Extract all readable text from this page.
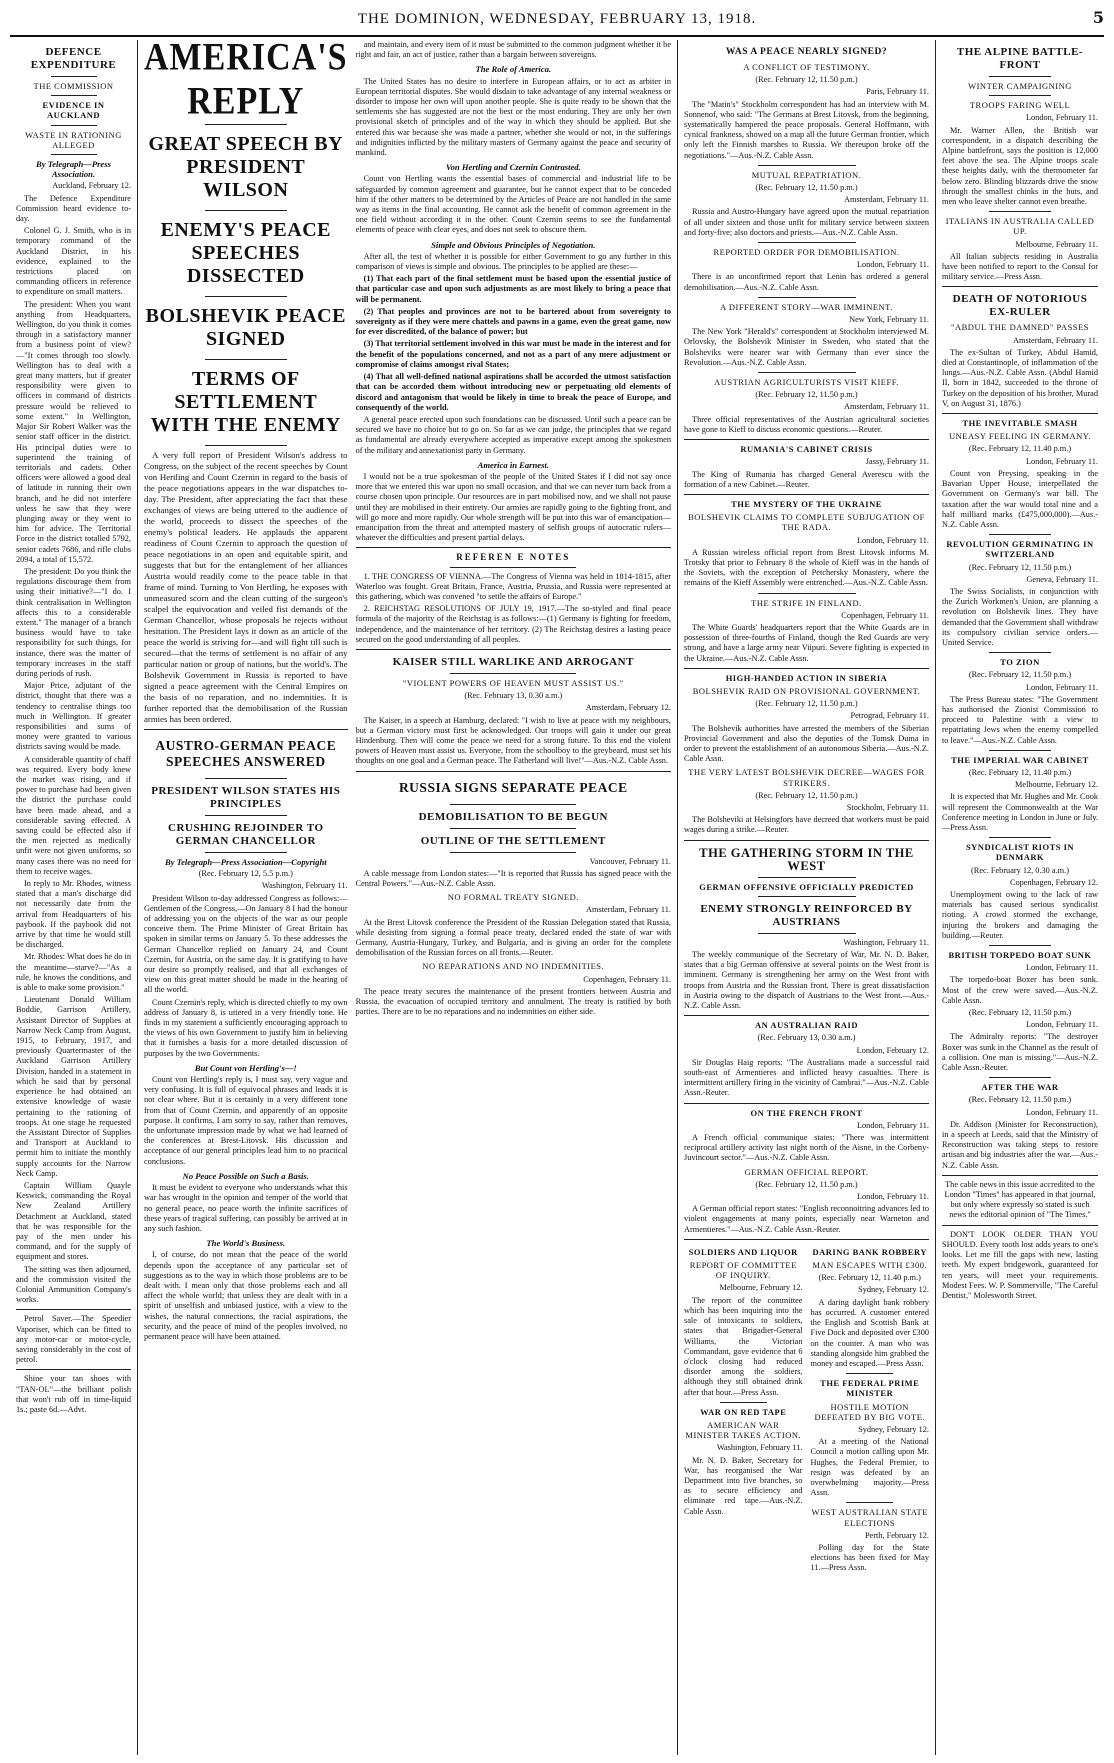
THE DOMINION, WEDNESDAY, FEBRUARY 13, 1918.	5
DEFENCE EXPENDITURE
THE COMMISSION
EVIDENCE IN AUCKLAND
WASTE IN RATIONING ALLEGED
By Telegraph—Press Association.
Auckland, February 12.

The Defence Expenditure Commission heard evidence to-day.

Colonel G. J. Smith, who is in temporary command of the Auckland District, in his evidence, explained to the restrictions placed on commanding officers in reference to expenditure on small matters.

The president: When you want anything from Headquarters, Wellington, do you think it comes through in a satisfactory manner from a business point of view?—"It comes through too slowly. Wellington has to deal with a great many matters, but if greater responsibility were given to officers in command of districts pressure would be relieved to some extent." In Wellington, Major Sir Robert Walker was the senior staff officer in the district. His principal duties were to superintend the training of territorials and cadets. Other officers were allowed a good deal of latitude in running their own branch, and he did not interfere unless he saw that they were plunging away or they went to him for advice. The Territorial Force in the district totalled 5792, senior cadets 7686, and rifle clubs 2094, a total of 15,572.

The president: Do you think the regulations discourage them from using their initiative?—"I do. I think centralisation in Wellington affects this to a considerable extent." The manager of a branch business would have to take responsibility for such things, for instance, there was the matter of temporary increases in the staff during periods of rush.

Major Price, adjutant of the district, thought that there was a tendency to centralise things too much in Wellington. If greater responsibilities and sums of money were granted to various districts saving would be made.

A considerable quantity of chaff was required. Every body knew the market was rising, and if power to purchase had been given the district the purchase could have been made ahead, and a considerable saving effected. A saving could be effected also if the men rejected as medically unfit were not given uniforms, so many cases there was no need for them to receive wages.

In reply to Mr. Rhodes, witness stated that a man's discharge did not necessarily date from the arrival from Headquarters of his paybook. If the paybook did not arrive by that time he would still be discharged.

Mr. Rhodes: What does he do in the meantime—starve?—"As a rule, he knows the conditions, and is able to make some provision."

Lieutenant Donald William Boddie, Garrison Artillery, Assistant Director of Supplies at Narrow Neck Camp from August, 1915, to February, 1917, and previously Quartermaster of the Auckland Garrison Artillery Division, handed in a statement in which he said that by personal experience he had obtained an extensive knowledge of waste pertaining to the rationing of troops. At one stage he requested the Assistant Director of Supplies and Transport at Auckland to permit him to initiate the monthly supply accounts for the Narrow Neck Camp.

Captain William Quayle Keswick, commanding the Royal New Zealand Artillery Detachment at Auckland, stated that he was responsible for the pay of the men under his command, and for the supply of equipment and stores.

The sitting was then adjourned, and the commission visited the Colonial Ammunition Company's works.

Petrol Saver.—The Speedier Vaporiser, which can be fitted to any motor-car or motor-cycle, saving considerably in the cost of petrol.

Shine your tan shoes with "TAN-OL"—the brilliant polish that won't rub off in time-liquid 1s.; paste 6d.—Advt.

AMERICA'S REPLY
GREAT SPEECH BY PRESIDENT WILSON
ENEMY'S PEACE SPEECHES DISSECTED
BOLSHEVIK PEACE SIGNED
TERMS OF SETTLEMENT WITH THE ENEMY

A very full report of President Wilson's address to Congress, on the subject of the recent speeches by Count von Hertling and Count Czernin in regard to the basis of the peace negotiations appears in the war dispatches to-day. The President, after appreciating the fact that these exchanges of views are being uttered to the audience of the world, proceeds to dissect the speeches of the enemy's political leaders. He applauds the apparent readiness of Count Czernin to approach the question of peace negotiations in an open and equitable spirit, and suggests that but for the entanglement of her alliances Austria would readily come to the peace table in that frame of mind. Turning to Von Hertling, he exposes with unmeasured scorn and the clean cutting of the surgeon's scalpel the equivocation and veiled fist demands of the German Chancellor, whose proposals he rejects without hesitation. The President lays it down as an article of the peace the world is striving for—and will fight till such is secured—that the terms of settlement is no affair of any particular nation or group of nations, but the world's. The Bolshevik Government in Russia is reported to have signed a peace agreement with the Central Empires on the basis of no reparation, and no indemnities. It is further reported that the demobilisation of the Russian armies has been ordered.

AUSTRO-GERMAN PEACE SPEECHES ANSWERED
PRESIDENT WILSON STATES HIS PRINCIPLES
CRUSHING REJOINDER TO GERMAN CHANCELLOR
By Telegraph—Press Association—Copyright
(Rec. February 12, 5.5 p.m.)
Washington, February 11.

President Wilson to-day addressed Congress as follows:—Gentlemen of the Congress,—On January 8 I had the honour of addressing you on the objects of the war as our people conceive them. The Prime Minister of Great Britain has spoken in similar terms on January 5. To these addresses the German Chancellor replied on January 24, and Count Czernin, for Austria, on the same day. It is gratifying to have our desire so promptly realised, and that all exchanges of view on this great matter should be made in the hearing of all the world.

Count Czernin's reply, which is directed chiefly to my own address of January 8, is uttered in a very friendly tone. He finds in my statement a sufficiently encouraging approach to the views of his own Government to justify him in believing that it furnishes a basis for a more detailed discussion of purposes by the two Governments.

But Count von Hertling's—!

Count von Hertling's reply is, I must say, very vague and very confusing. It is full of equivocal phrases and leads it is not clear where. But it is certainly in a very different tone from that of Count Czernin, and apparently of an opposite purpose. It confirms, I am sorry to say, rather than removes, the unfortunate impression made by what we had learned of the conferences at Brest-Litovsk. His discussion and acceptance of our general principles lead him to no practical conclusions.

No Peace Possible on Such a Basis.

It must be evident to everyone who understands what this war has wrought in the opinion and temper of the world that no general peace, no peace worth the infinite sacrifices of these years of tragical suffering, can possibly be arrived at in any such fashion.

The World's Business.

I, of course, do not mean that the peace of the world depends upon the acceptance of any particular set of suggestions as to the way in which those problems are to be dealt with. I mean only that those problems each and all affect the whole world; that unless they are dealt with in a spirit of unselfish and unbiased justice, with a view to the wishes, the natural connections, the racial aspirations, the security, and the peace of mind of the peoples involved, no permanent peace will have been attained.

and maintain, and every item of it must be submitted to the common judgment whether it be right and fair, an act of justice, rather than a bargain between sovereigns.

The Role of America.

The United States has no desire to interfere in European affairs, or to act as arbiter in European territorial disputes. She would disdain to take advantage of any internal weakness or disorder to impose her own will upon another people. She is quite ready to be shown that the settlements she has suggested are not the best or the most enduring. They are only her own provisional sketch of principles and of the way in which they should be applied. But she entered this war because she was made a partner, whether she would or not, in the sufferings and indignities inflicted by the military masters of Germany against the peace and security of mankind.

Von Hertling and Czernin Contrasted.

Count von Hertling wants the essential bases of commercial and industrial life to be safeguarded by common agreement and guarantee, but he cannot expect that to be conceded him if the other matters to be determined by the Articles of Peace are not handled in the same way as items in the final accounting. He cannot ask the benefit of common agreement in the one field without according it in the other. Count Czernin seems to see the fundamental elements of peace with clear eyes, and does not seek to obscure them.

Simple and Obvious Principles of Negotiation.

After all, the test of whether it is possible for either Government to go any further in this comparison of views is simple and obvious. The principles to be applied are these:—

(1) That each part of the final settlement must be based upon the essential justice of that particular case and upon such adjustments as are most likely to bring a peace that will be permanent.

(2) That peoples and provinces are not to be bartered about from sovereignty to sovereignty as if they were mere chattels and pawns in a game, even the great game, now for ever discredited, of the balance of power; but

(3) That territorial settlement involved in this war must be made in the interest and for the benefit of the populations concerned, and not as a part of any mere adjustment or compromise of claims amongst rival States;

(4) That all well-defined national aspirations shall be accorded the utmost satisfaction that can be accorded them without introducing new or perpetuating old elements of discord and antagonism that would be likely in time to break the peace of Europe, and consequently of the world.

A general peace erected upon such foundations can be discussed. Until such a peace can be secured we have no choice but to go on. So far as we can judge, the principles that we regard as fundamental are already everywhere accepted as imperative except among the spokesmen of the military and annexationist party in Germany.

America in Earnest.

I would not be a true spokesman of the people of the United States if I did not say once more that we entered this war upon no small occasion, and that we can never turn back from a course chosen upon principle. Our resources are in part mobilised now, and we shall not pause until they are mobilised in their entirety. Our armies are rapidly going to the fighting front, and will go more and more rapidly. Our whole strength will be put into this war of emancipation—emancipation from the threat and attempted mastery of selfish groups of autocratic rulers—whatever the difficulties and present partial delays.

REFEREN E NOTES

1. THE CONGRESS OF VIENNA.—The Congress of Vienna was held in 1814-1815, after Waterloo was fought. Great Britain, France, Austria, Prussia, and Russia were represented at this gathering, which was convened "to settle the affairs of Europe."

2. REICHSTAG RESOLUTIONS OF JULY 19, 1917.—The so-styled and final peace formula of the majority of the Reichstag is as follows:—(1) Germany is fighting for freedom, independence, and the maintenance of her territory. (2) The Reichstag desires a lasting peace secured on the good understanding of all peoples.

KAISER STILL WARLIKE AND ARROGANT
"VIOLENT POWERS OF HEAVEN MUST ASSIST US."
(Rec. February 13, 0.30 a.m.)
Amsterdam, February 12.

The Kaiser, in a speech at Hamburg, declared: "I wish to live at peace with my neighbours, but a German victory must first be acknowledged. Our troops will gain it under our great Hindenburg. Then will come the peace we need for a strong future. To this end the violent powers of Heaven must assist us. Everyone, from the schoolboy to the greybeard, must set his thoughts on one goal and a German peace. The Fatherland will live!"—Aus.-N.Z. Cable Assn.

RUSSIA SIGNS SEPARATE PEACE
DEMOBILISATION TO BE BEGUN
OUTLINE OF THE SETTLEMENT
Vancouver, February 11.

A cable message from London states:—"It is reported that Russia has signed peace with the Central Powers."—Aus.-N.Z. Cable Assn.

NO FORMAL TREATY SIGNED.
Amsterdam, February 11.

At the Brest Litovsk conference the President of the Russian Delegation stated that Russia, while desisting from signing a formal peace treaty, declared ended the state of war with Germany, Austria-Hungary, Turkey, and Bulgaria, and is giving an order for the complete demobilisation of the Russian forces on all fronts.—Reuter.

NO REPARATIONS AND NO INDEMNITIES.
Copenhagen, February 11.

The peace treaty secures the maintenance of the present frontiers between Austria and Russia, the evacuation of occupied territory and annulment. The treaty is ratified by both parties. There are to be no reparations and no indemnities on either side.

WAS A PEACE NEARLY SIGNED?
A CONFLICT OF TESTIMONY.
(Rec. February 12, 11.50 p.m.)
Paris, February 11.

The "Matin's" Stockholm correspondent has had an interview with M. Sonnenof, who said: "The Germans at Brest Litovsk, from the beginning, systematically hampered the peace proposals. General Hoffmann, with cynical frankness, showed on a map all the future German frontier, which only left the Finnish marshes to Russia. We thereupon broke off the negotiations."—Aus.-N.Z. Cable Assn.

MUTUAL REPATRIATION.
(Rec. February 12, 11.50 p.m.)
Amsterdam, February 11.

Russia and Austro-Hungary have agreed upon the mutual repatriation of all under sixteen and those unfit for military service between sixteen and forty-five; also doctors and priests.—Aus.-N.Z. Cable Assn.

REPORTED ORDER FOR DEMOBILISATION.
London, February 11.

There is an unconfirmed report that Lenin has ordered a general demobilisation.—Aus.-N.Z. Cable Assn.

A DIFFERENT STORY—WAR IMMINENT.
New York, February 11.

The New York "Herald's" correspondent at Stockholm interviewed M. Orlovsky, the Bolshevik Minister in Sweden, who stated that the Bolsheviks were nearer war with Germany than ever since the Revolution.—Aus.-N.Z. Cable Assn.

AUSTRIAN AGRICULTURISTS VISIT KIEFF.
(Rec. February 12, 11.50 p.m.)
Amsterdam, February 11.

Three official representatives of the Austrian agricultural societies have gone to Kieff to discuss economic questions.—Reuter.

RUMANIA'S CABINET CRISIS
Jassy, February 11.

The King of Rumania has charged General Averescu with the formation of a new Cabinet.—Reuter.

THE MYSTERY OF THE UKRAINE
BOLSHEVIK CLAIMS TO COMPLETE SUBJUGATION OF THE RADA.
London, February 11.

A Russian wireless official report from Brest Litovsk informs M. Trotsky that prior to February 8 the whole of Kieff was in the hands of the Soviets, with the exception of Petchersky Monastery, where the remains of the Kieff Assembly were entrenched.—Aus.-N.Z. Cable Assn.

THE STRIFE IN FINLAND.
Copenhagen, February 11.

The White Guards' headquarters report that the White Guards are in possession of three-fourths of Finland, though the Red Guards are very strong, and have a large army near Viipuri. Severe fighting is expected in the Ukraine.—Aus.-N.Z. Cable Assn.

HIGH-HANDED ACTION IN SIBERIA
BOLSHEVIK RAID ON PROVISIONAL GOVERNMENT.
(Rec. February 12, 11.50 p.m.)
Petrograd, February 11.

The Bolshevik authorities have arrested the members of the Siberian Provincial Government and also the deputies of the Tomsk Duma in order to prevent the establishment of an autonomous Siberia.—Aus.-N.Z. Cable Assn.

THE VERY LATEST BOLSHEVIK DECREE—WAGES FOR STRIKERS.
(Rec. February 12, 11.50 p.m.)
Stockholm, February 11.

The Bolsheviki at Helsingfors have decreed that workers must be paid wages during a strike.—Reuter.

THE GATHERING STORM IN THE WEST
GERMAN OFFENSIVE OFFICIALLY PREDICTED
ENEMY STRONGLY REINFORCED BY AUSTRIANS
Washington, February 11.

The weekly communique of the Secretary of War, Mr. N. D. Baker, states that a big German offensive at several points on the West front is imminent. Germany is strengthening her army on the West front with troops from Austria and the Russian front. There is great dissatisfaction in Austria owing to the dispatch of Austrians to the West front.—Aus.-N.Z. Cable Assn.

AN AUSTRALIAN RAID
(Rec. February 13, 0.30 a.m.)
London, February 12.

Sir Douglas Haig reports: "The Australians made a successful raid south-east of Armentieres and inflicted heavy casualties. There is intermittent artillery firing in the vicinity of Cambrai."—Aus.-N.Z. Cable Assn.-Reuter.

ON THE FRENCH FRONT
London, February 11.

A French official communique states: "There was intermittent reciprocal artillery activity last night north of the Aisne, in the Corbeny-Juvincourt sector."—Aus.-N.Z. Cable Assn.

GERMAN OFFICIAL REPORT.
(Rec. February 12, 11.50 p.m.)
London, February 11.

A German official report states: "English reconnoitring advances led to violent engagements at many points, especially near Warneton and Armentieres."—Aus.-N.Z. Cable Assn.-Reuter.

SOLDIERS AND LIQUOR
REPORT OF COMMITTEE OF INQUIRY.
Melbourne, February 12.

The report of the committee which has been inquiring into the sale of intoxicants to soldiers, states that Brigadier-General Williams, the Victorian Commandant, gave evidence that 6 o'clock closing had reduced disorder among the soldiers, although they still obtained drink after that hour.—Press Assn.

WAR ON RED TAPE
AMERICAN WAR MINISTER TAKES ACTION.
Washington, February 11.

Mr. N. D. Baker, Secretary for War, has reorganised the War Department into five branches, so as to secure efficiency and eliminate red tape.—Aus.-N.Z. Cable Assn.

DARING BANK ROBBERY
MAN ESCAPES WITH £300.
(Rec. February 12, 11.40 p.m.)
Sydney, February 12.

A daring daylight bank robbery has occurred. A customer entered the English and Scottish Bank at Five Dock and deposited over £300 on the counter. A man who was standing alongside him grabbed the money and escaped.—Press Assn.

THE FEDERAL PRIME MINISTER
HOSTILE MOTION DEFEATED BY BIG VOTE.
Sydney, February 12.

At a meeting of the National Council a motion calling upon Mr. Hughes, the Federal Premier, to resign was defeated by an overwhelming majority.—Press Assn.

WEST AUSTRALIAN STATE ELECTIONS
Perth, February 12.

Polling day for the State elections has been fixed for May 11.—Press Assn.

THE ALPINE BATTLE-FRONT
WINTER CAMPAIGNING
TROOPS FARING WELL
London, February 11.

Mr. Warner Allen, the British war correspondent, in a dispatch describing the Alpine battlefront, says the position is 12,000 feet above the sea. The Alpine troops scale these heights daily, with the thermometer far below zero. Blinding blizzards drive the snow through the smallest chinks in the huts, and men who leave shelter cannot even breathe.

ITALIANS IN AUSTRALIA CALLED UP.
Melbourne, February 11.

All Italian subjects residing in Australia have been notified to report to the Consul for military service.—Press Assn.

DEATH OF NOTORIOUS EX-RULER
"ABDUL THE DAMNED" PASSES
Amsterdam, February 11.

The ex-Sultan of Turkey, Abdul Hamid, died at Constantinople, of inflammation of the lungs.—Aus.-N.Z. Cable Assn. (Abdul Hamid II, born in 1842, succeeded to the throne of Turkey on the deposition of his brother, Murad V, on August 31, 1876.)

THE INEVITABLE SMASH
UNEASY FEELING IN GERMANY.
(Rec. February 12, 11.40 p.m.)
London, February 11.

Count von Preysing, speaking in the Bavarian Upper House, interpellated the Government on Germany's war bill. The taxation after the war would total nine and a half milliard marks (£475,000,000).—Aus.-N.Z. Cable Assn.

REVOLUTION GERMINATING IN SWITZERLAND
(Rec. February 12, 11.50 p.m.)
Geneva, February 11.

The Swiss Socialists, in conjunction with the Zurich Workmen's Union, are planning a revolution on Bolshevik lines. They have demanded that the Government shall withdraw its compulsory civilian service orders.—United Service.

TO ZION
(Rec. February 12, 11.50 p.m.)
London, February 11.

The Press Bureau states: "The Government has authorised the Zionist Commission to proceed to Palestine with a view to repatriating Jews when the enemy compelled to leave."—Aus.-N.Z. Cable Assn.

THE IMPERIAL WAR CABINET
(Rec. February 12, 11.40 p.m.)
Melbourne, February 12.

It is expected that Mr. Hughes and Mr. Cook will represent the Commonwealth at the War Conference meeting in London in June or July.—Press Assn.

SYNDICALIST RIOTS IN DENMARK
(Rec. February 12, 0.30 a.m.)
Copenhagen, February 12.

Unemployment owing to the lack of raw materials has caused serious syndicalist rioting. A crowd stormed the exchange, injuring the brokers and damaging the building.—Reuter.

BRITISH TORPEDO BOAT SUNK
London, February 11.

The torpedo-boat Boxer has been sunk. Most of the crew were saved.—Aus.-N.Z. Cable Assn.

(Rec. February 12, 11.50 p.m.)
London, February 11.

The Admiralty reports: "The destroyer Boxer was sunk in the Channel as the result of a collision. One man is missing."—Aus.-N.Z. Cable Assn.-Reuter.

AFTER THE WAR
(Rec. February 12, 11.50 p.m.)
London, February 11.

Dr. Addison (Minister for Reconstruction), in a speech at Leeds, said that the Ministry of Reconstruction was taking steps to restore artisan and big industries after the war.—Aus.-N.Z. Cable Assn.

The cable news in this issue accredited to the London "Times" has appeared in that journal, but only where expressly so stated is such news the editorial opinion of "The Times."

DON'T LOOK OLDER THAN YOU SHOULD. Every tooth lost adds years to one's looks. Let me fill the gaps with new, lasting teeth. My expert bridgework, guaranteed for ten years, will meet your requirements. Modest Fees. W. P. Sommerville, "The Careful Dentist," Molesworth Street.
